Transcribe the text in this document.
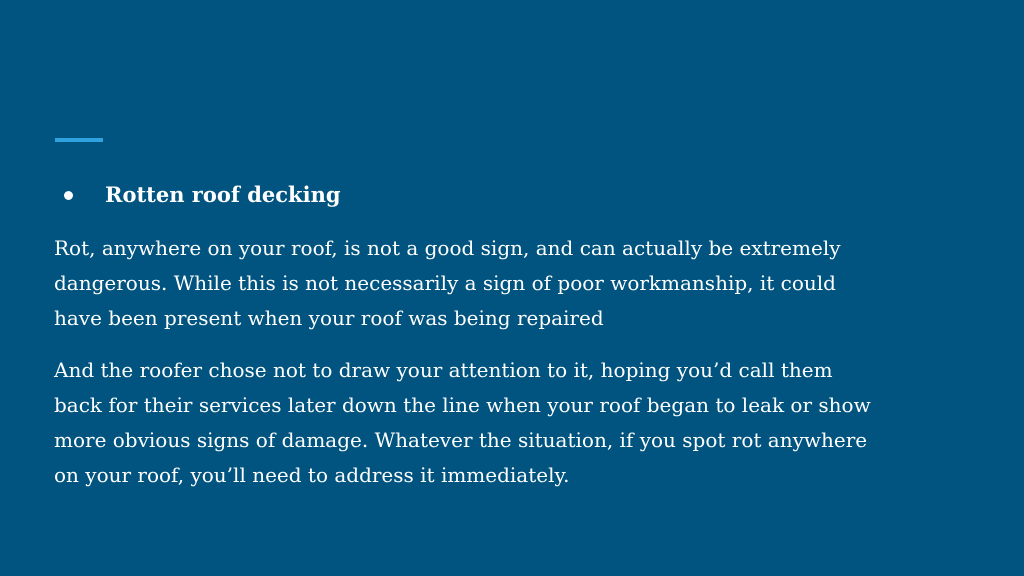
Rotten roof decking
Rot, anywhere on your roof, is not a good sign, and can actually be extremely
dangerous. While this is not necessarily a sign of poor workmanship, it could
have been present when your roof was being repaired
And the roofer chose not to draw your attention to it, hoping you’d call them
back for their services later down the line when your roof began to leak or show
more obvious signs of damage. Whatever the situation, if you spot rot anywhere
on your roof, you’ll need to address it immediately.
